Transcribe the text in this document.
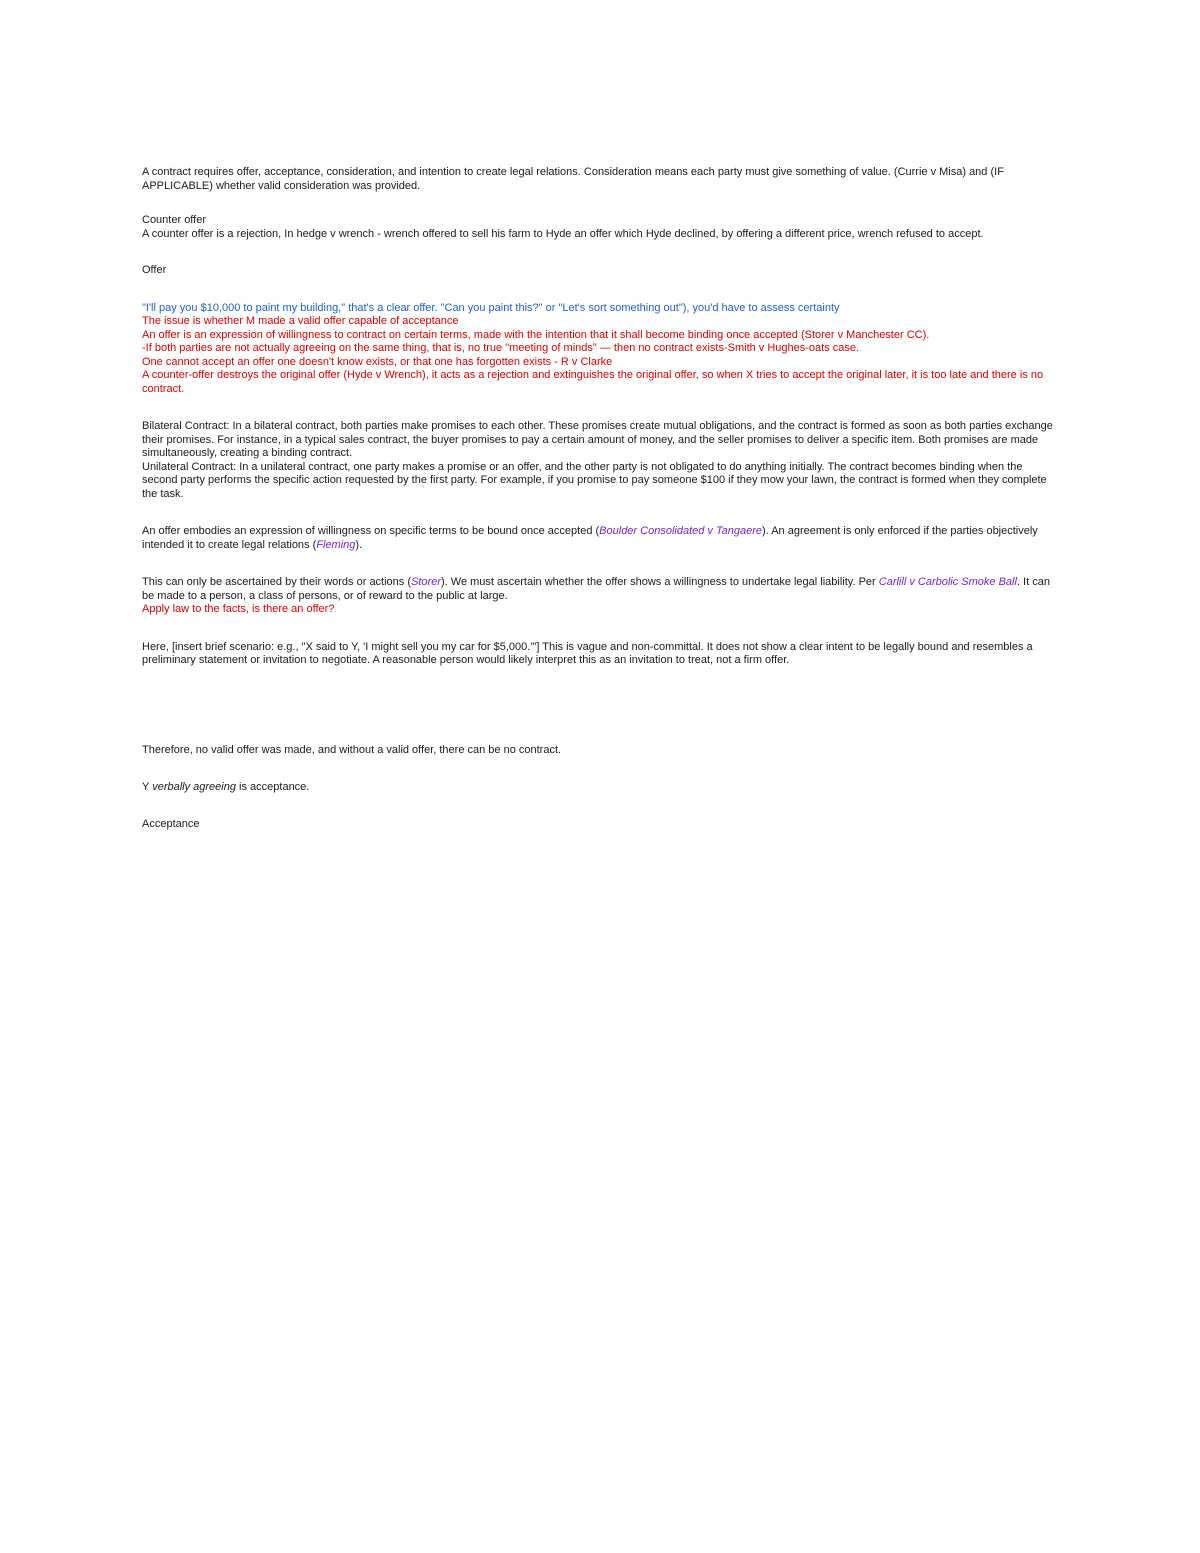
A contract requires offer, acceptance, consideration, and intention to create legal relations. Consideration means each party must give something of value. (Currie v Misa) and (IF APPLICABLE) whether valid consideration was provided.

Counter offer

A counter offer is a rejection, In hedge v wrench - wrench offered to sell his farm to Hyde an offer which Hyde declined, by offering a different price, wrench refused to accept.

Offer

"I'll pay you $10,000 to paint my building," that's a clear offer. "Can you paint this?" or "Let's sort something out"), you'd have to assess certainty

The issue is whether M made a valid offer capable of acceptance

An offer is an expression of willingness to contract on certain terms, made with the intention that it shall become binding once accepted (Storer v Manchester CC).

-If both parties are not actually agreeing on the same thing, that is, no true "meeting of minds" — then no contract exists-Smith v Hughes-oats case.

One cannot accept an offer one doesn't know exists, or that one has forgotten exists - R v Clarke

A counter-offer destroys the original offer (Hyde v Wrench), it acts as a rejection and extinguishes the original offer, so when X tries to accept the original later, it is too late and there is no contract.

Bilateral Contract: In a bilateral contract, both parties make promises to each other. These promises create mutual obligations, and the contract is formed as soon as both parties exchange their promises. For instance, in a typical sales contract, the buyer promises to pay a certain amount of money, and the seller promises to deliver a specific item. Both promises are made simultaneously, creating a binding contract.

Unilateral Contract: In a unilateral contract, one party makes a promise or an offer, and the other party is not obligated to do anything initially. The contract becomes binding when the second party performs the specific action requested by the first party. For example, if you promise to pay someone $100 if they mow your lawn, the contract is formed when they complete the task.

An offer embodies an expression of willingness on specific terms to be bound once accepted (Boulder Consolidated v Tangaere). An agreement is only enforced if the parties objectively intended it to create legal relations (Fleming).

This can only be ascertained by their words or actions (Storer). We must ascertain whether the offer shows a willingness to undertake legal liability. Per Carlill v Carbolic Smoke Ball. It can be made to a person, a class of persons, or of reward to the public at large.

Apply law to the facts, is there an offer?

Here, [insert brief scenario: e.g., "X said to Y, 'I might sell you my car for $5,000.'"] This is vague and non-committal. It does not show a clear intent to be legally bound and resembles a preliminary statement or invitation to negotiate. A reasonable person would likely interpret this as an invitation to treat, not a firm offer.

Therefore, no valid offer was made, and without a valid offer, there can be no contract.

Y verbally agreeing is acceptance.

Acceptance
